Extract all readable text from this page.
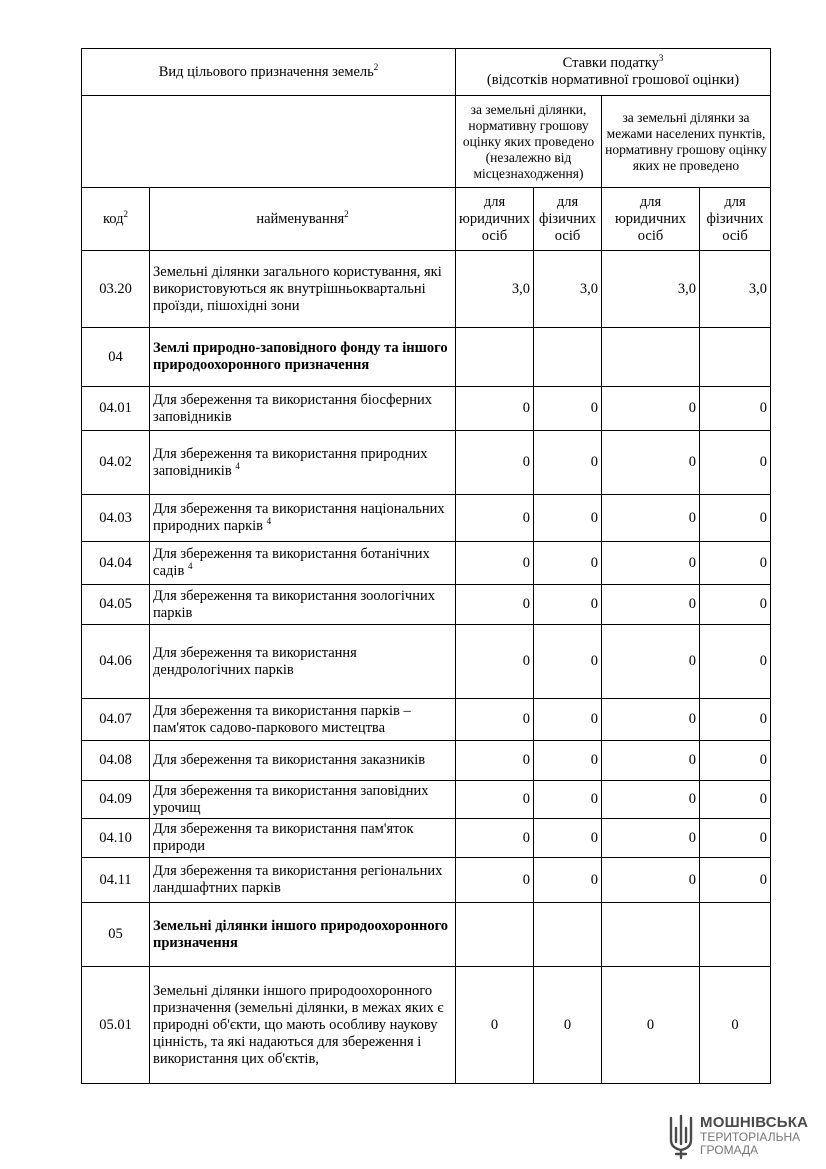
Вид цільового призначення земель$^2$		Ставки податку$^3$
(відсотків нормативної грошової оцінки)			
		за земельні ділянки, нормативну грошову оцінку яких проведено (незалежно від місцезнаходження)		за земельні ділянки за межами населених пунктів, нормативну грошову оцінку яких не проведено	
код$^2$	найменування$^2$	для юридичних осіб	для фізичних осіб	для юридичних осіб	для фізичних осіб
03.20	Земельні ділянки загального користування, які використовуються як внутрішньоквартальні проїзди, пішохідні зони	3,0	3,0	3,0	3,0
04	Землі природно-заповідного фонду та іншого природоохоронного призначення				
04.01	Для збереження та використання біосферних заповідників	0	0	0	0
04.02	Для збереження та використання природних заповідників $^4$	0	0	0	0
04.03	Для збереження та використання національних природних парків $^4$	0	0	0	0
04.04	Для збереження та використання ботанічних садів $^4$	0	0	0	0
04.05	Для збереження та використання зоологічних парків	0	0	0	0
04.06	Для збереження та використання дендрологічних парків	0	0	0	0
04.07	Для збереження та використання парків – пам'яток садово-паркового мистецтва	0	0	0	0
04.08	Для збереження та використання заказників	0	0	0	0
04.09	Для збереження та використання заповідних урочищ	0	0	0	0
04.10	Для збереження та використання пам'яток природи	0	0	0	0
04.11	Для збереження та використання регіональних ландшафтних парків	0	0	0	0
05	Земельні ділянки іншого природоохоронного призначення				
05.01	Земельні ділянки іншого природоохоронного призначення (земельні ділянки, в межах яких є природні об'єкти, що мають особливу наукову цінність, та які надаються для збереження і використання цих об'єктів,	0	0	0	0
МОШНІВСЬКА
ТЕРИТОРІАЛЬНА
ГРОМАДА
